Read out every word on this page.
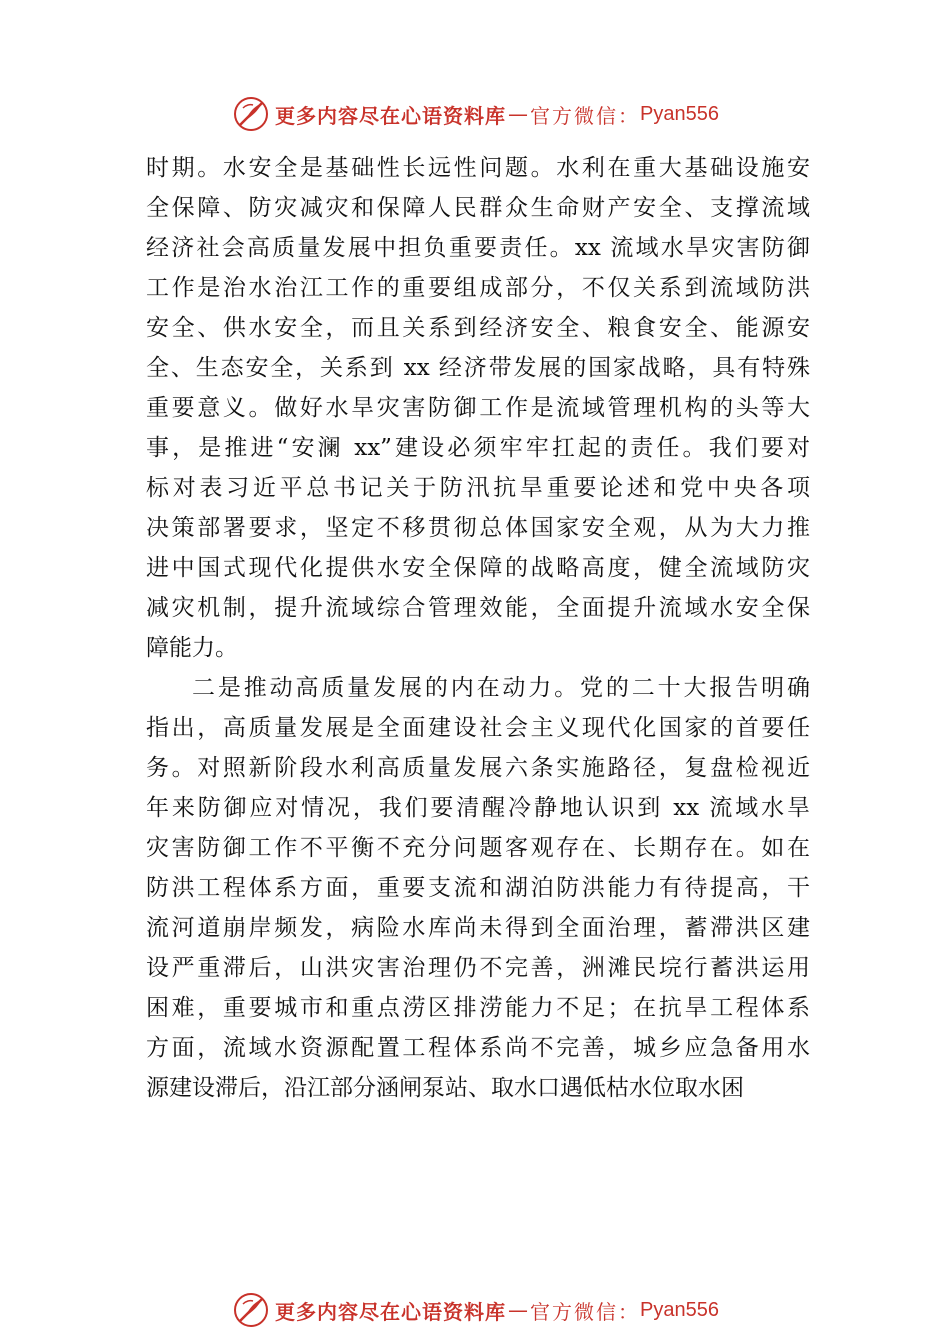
更多内容尽在心语资料库 — 官方微信： Pyan556
时期。水安全是基础性长远性问题。水利在重大基础设施安
全保障、防灾减灾和保障人民群众生命财产安全、支撑流域
经济社会高质量发展中担负重要责任。xx 流域水旱灾害防御
工作是治水治江工作的重要组成部分，不仅关系到流域防洪
安全、供水安全，而且关系到经济安全、粮食安全、能源安
全、生态安全，关系到 xx 经济带发展的国家战略，具有特殊
重要意义。做好水旱灾害防御工作是流域管理机构的头等大
事，是推进“安澜 xx”建设必须牢牢扛起的责任。我们要对
标对表习近平总书记关于防汛抗旱重要论述和党中央各项
决策部署要求，坚定不移贯彻总体国家安全观，从为大力推
进中国式现代化提供水安全保障的战略高度，健全流域防灾
减灾机制，提升流域综合管理效能，全面提升流域水安全保
障能力。
二是推动高质量发展的内在动力。党的二十大报告明确
指出，高质量发展是全面建设社会主义现代化国家的首要任
务。对照新阶段水利高质量发展六条实施路径，复盘检视近
年来防御应对情况，我们要清醒冷静地认识到 xx 流域水旱
灾害防御工作不平衡不充分问题客观存在、长期存在。如在
防洪工程体系方面，重要支流和湖泊防洪能力有待提高，干
流河道崩岸频发，病险水库尚未得到全面治理，蓄滞洪区建
设严重滞后，山洪灾害治理仍不完善，洲滩民垸行蓄洪运用
困难，重要城市和重点涝区排涝能力不足；在抗旱工程体系
方面，流域水资源配置工程体系尚不完善，城乡应急备用水
源建设滞后，沿江部分涵闸泵站、取水口遇低枯水位取水困
更多内容尽在心语资料库 — 官方微信： Pyan556
